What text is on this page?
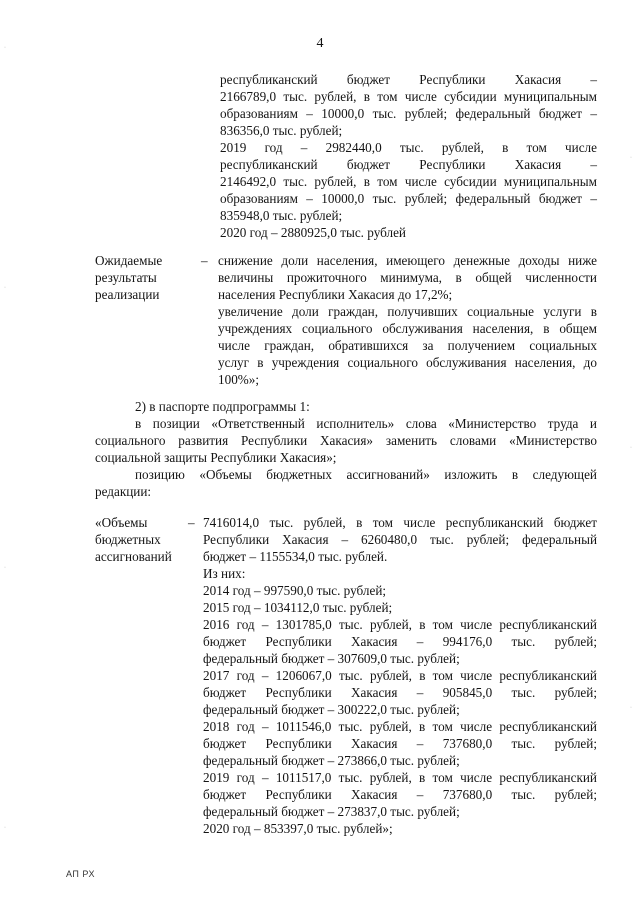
4
республиканский бюджет Республики Хакасия –
2166789,0 тыс. рублей, в том числе субсидии муниципальным
образованиям – 10000,0 тыс. рублей; федеральный бюджет –
836356,0 тыс. рублей;
2019 год – 2982440,0 тыс. рублей, в том числе
республиканский бюджет Республики Хакасия –
2146492,0 тыс. рублей, в том числе субсидии муниципальным
образованиям – 10000,0 тыс. рублей; федеральный бюджет –
835948,0 тыс. рублей;
2020 год – 2880925,0 тыс. рублей
Ожидаемые
результаты
реализации
– снижение доли населения, имеющего денежные доходы ниже
величины прожиточного минимума, в общей численности
населения Республики Хакасия до 17,2%;
увеличение доли граждан, получивших социальные услуги в
учреждениях социального обслуживания населения, в общем
числе граждан, обратившихся за получением социальных
услуг в учреждения социального обслуживания населения, до
100%»;
2) в паспорте подпрограммы 1:
в позиции «Ответственный исполнитель» слова «Министерство труда и
социального развития Республики Хакасия» заменить словами «Министерство
социальной защиты Республики Хакасия»;
позицию «Объемы бюджетных ассигнований» изложить в следующей
редакции:
«Объемы
бюджетных
ассигнований
– 7416014,0 тыс. рублей, в том числе республиканский бюджет
Республики Хакасия – 6260480,0 тыс. рублей; федеральный
бюджет – 1155534,0 тыс. рублей.
Из них:
2014 год – 997590,0 тыс. рублей;
2015 год – 1034112,0 тыс. рублей;
2016 год – 1301785,0 тыс. рублей, в том числе республиканский
бюджет Республики Хакасия – 994176,0 тыс. рублей;
федеральный бюджет – 307609,0 тыс. рублей;
2017 год – 1206067,0 тыс. рублей, в том числе республиканский
бюджет Республики Хакасия – 905845,0 тыс. рублей;
федеральный бюджет – 300222,0 тыс. рублей;
2018 год – 1011546,0 тыс. рублей, в том числе республиканский
бюджет Республики Хакасия – 737680,0 тыс. рублей;
федеральный бюджет – 273866,0 тыс. рублей;
2019 год – 1011517,0 тыс. рублей, в том числе республиканский
бюджет Республики Хакасия – 737680,0 тыс. рублей;
федеральный бюджет – 273837,0 тыс. рублей;
2020 год – 853397,0 тыс. рублей»;
АП РХ
·
·
·
·
·
·
·
